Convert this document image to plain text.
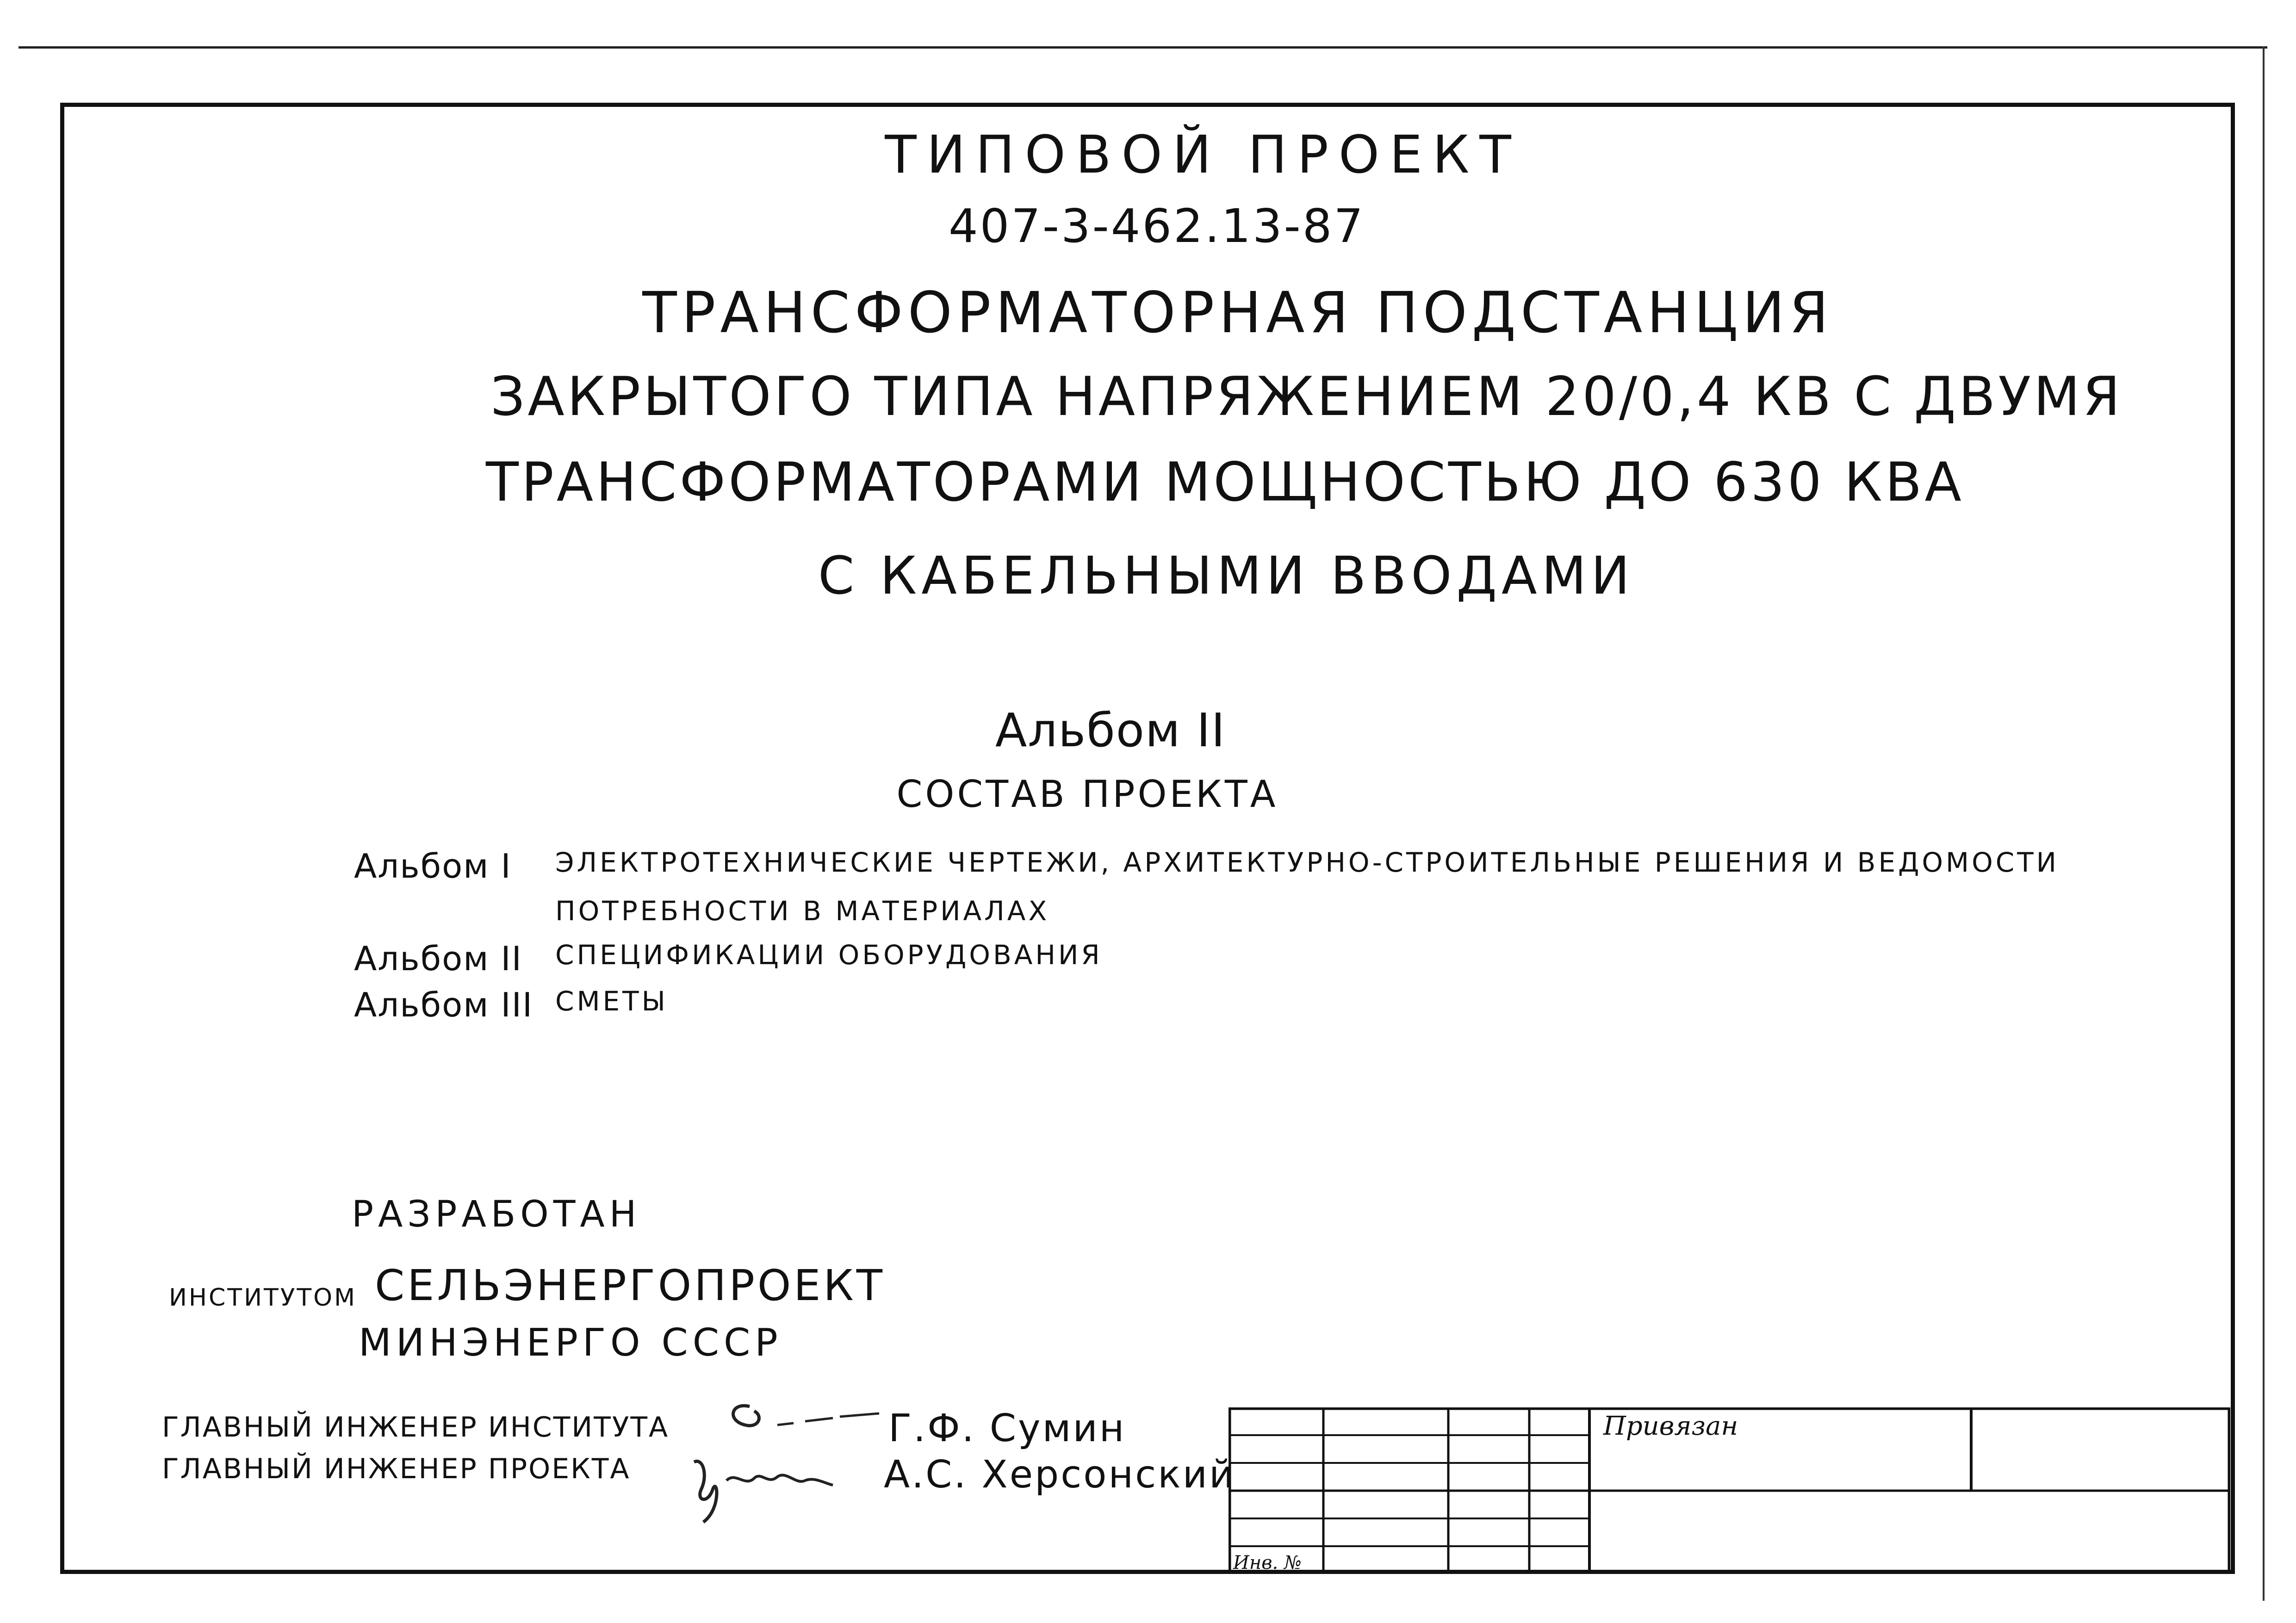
ТИПОВОЙ ПРОЕКТ
407-3-462.13-87
ТРАНСФОРМАТОРНАЯ ПОДСТАНЦИЯ
ЗАКРЫТОГО ТИПА НАПРЯЖЕНИЕМ 20/0,4 КВ С ДВУМЯ
ТРАНСФОРМАТОРАМИ МОЩНОСТЬЮ ДО 630 КВА
С КАБЕЛЬНЫМИ ВВОДАМИ
Альбом II
СОСТАВ ПРОЕКТА
Альбом I ЭЛЕКТРОТЕХНИЧЕСКИЕ ЧЕРТЕЖИ, АРХИТЕКТУРНО-СТРОИТЕЛЬНЫЕ РЕШЕНИЯ И ВЕДОМОСТИ
ПОТРЕБНОСТИ В МАТЕРИАЛАХ
Альбом II СПЕЦИФИКАЦИИ ОБОРУДОВАНИЯ
Альбом III СМЕТЫ
РАЗРАБОТАН
ИНСТИТУТОМ СЕЛЬЭНЕРГОПРОЕКТ
МИНЭНЕРГО СССР
ГЛАВНЫЙ ИНЖЕНЕР ИНСТИТУТА
ГЛАВНЫЙ ИНЖЕНЕР ПРОЕКТА
Г.Ф. Сумин
А.С. Херсонский
Привязан
Инв. №
